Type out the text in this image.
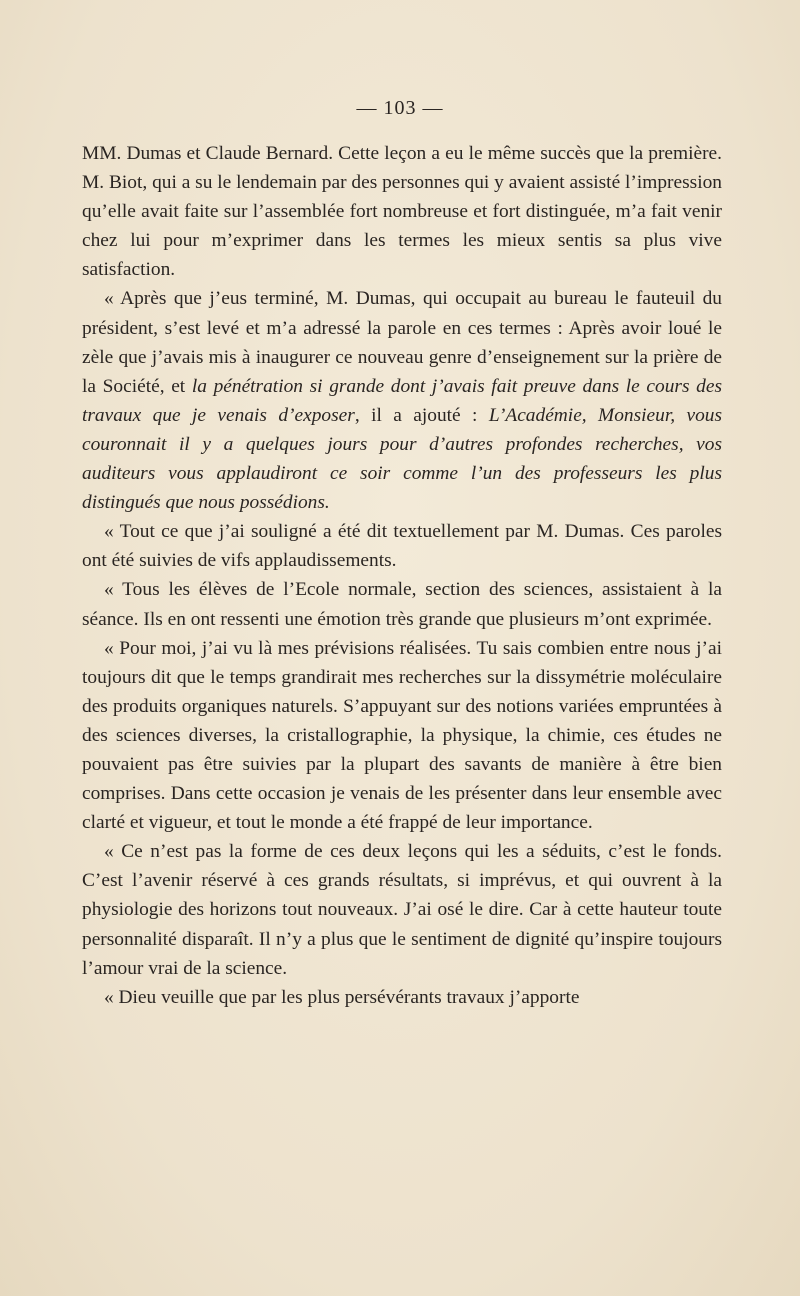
— 103 —

MM. Dumas et Claude Bernard. Cette leçon a eu le même succès que la première. M. Biot, qui a su le lendemain par des personnes qui y avaient assisté l’impression qu’elle avait faite sur l’assemblée fort nombreuse et fort distinguée, m’a fait venir chez lui pour m’exprimer dans les termes les mieux sentis sa plus vive satisfaction.

« Après que j’eus terminé, M. Dumas, qui occupait au bureau le fauteuil du président, s’est levé et m’a adressé la parole en ces termes : Après avoir loué le zèle que j’avais mis à inaugurer ce nouveau genre d’enseignement sur la prière de la Société, et la pénétration si grande dont j’avais fait preuve dans le cours des travaux que je venais d’exposer, il a ajouté : L’Académie, Monsieur, vous couronnait il y a quelques jours pour d’autres profondes recherches, vos auditeurs vous applaudiront ce soir comme l’un des professeurs les plus distingués que nous possédions.

« Tout ce que j’ai souligné a été dit textuellement par M. Dumas. Ces paroles ont été suivies de vifs applaudissements.

« Tous les élèves de l’Ecole normale, section des sciences, assistaient à la séance. Ils en ont ressenti une émotion très grande que plusieurs m’ont exprimée.

« Pour moi, j’ai vu là mes prévisions réalisées. Tu sais combien entre nous j’ai toujours dit que le temps grandirait mes recherches sur la dissymétrie moléculaire des produits organiques naturels. S’appuyant sur des notions variées empruntées à des sciences diverses, la cristallographie, la physique, la chimie, ces études ne pouvaient pas être suivies par la plupart des savants de manière à être bien comprises. Dans cette occasion je venais de les présenter dans leur ensemble avec clarté et vigueur, et tout le monde a été frappé de leur importance.

« Ce n’est pas la forme de ces deux leçons qui les a séduits, c’est le fonds. C’est l’avenir réservé à ces grands résultats, si imprévus, et qui ouvrent à la physiologie des horizons tout nouveaux. J’ai osé le dire. Car à cette hauteur toute personnalité disparaît. Il n’y a plus que le sentiment de dignité qu’inspire toujours l’amour vrai de la science.

« Dieu veuille que par les plus persévérants travaux j’apporte
